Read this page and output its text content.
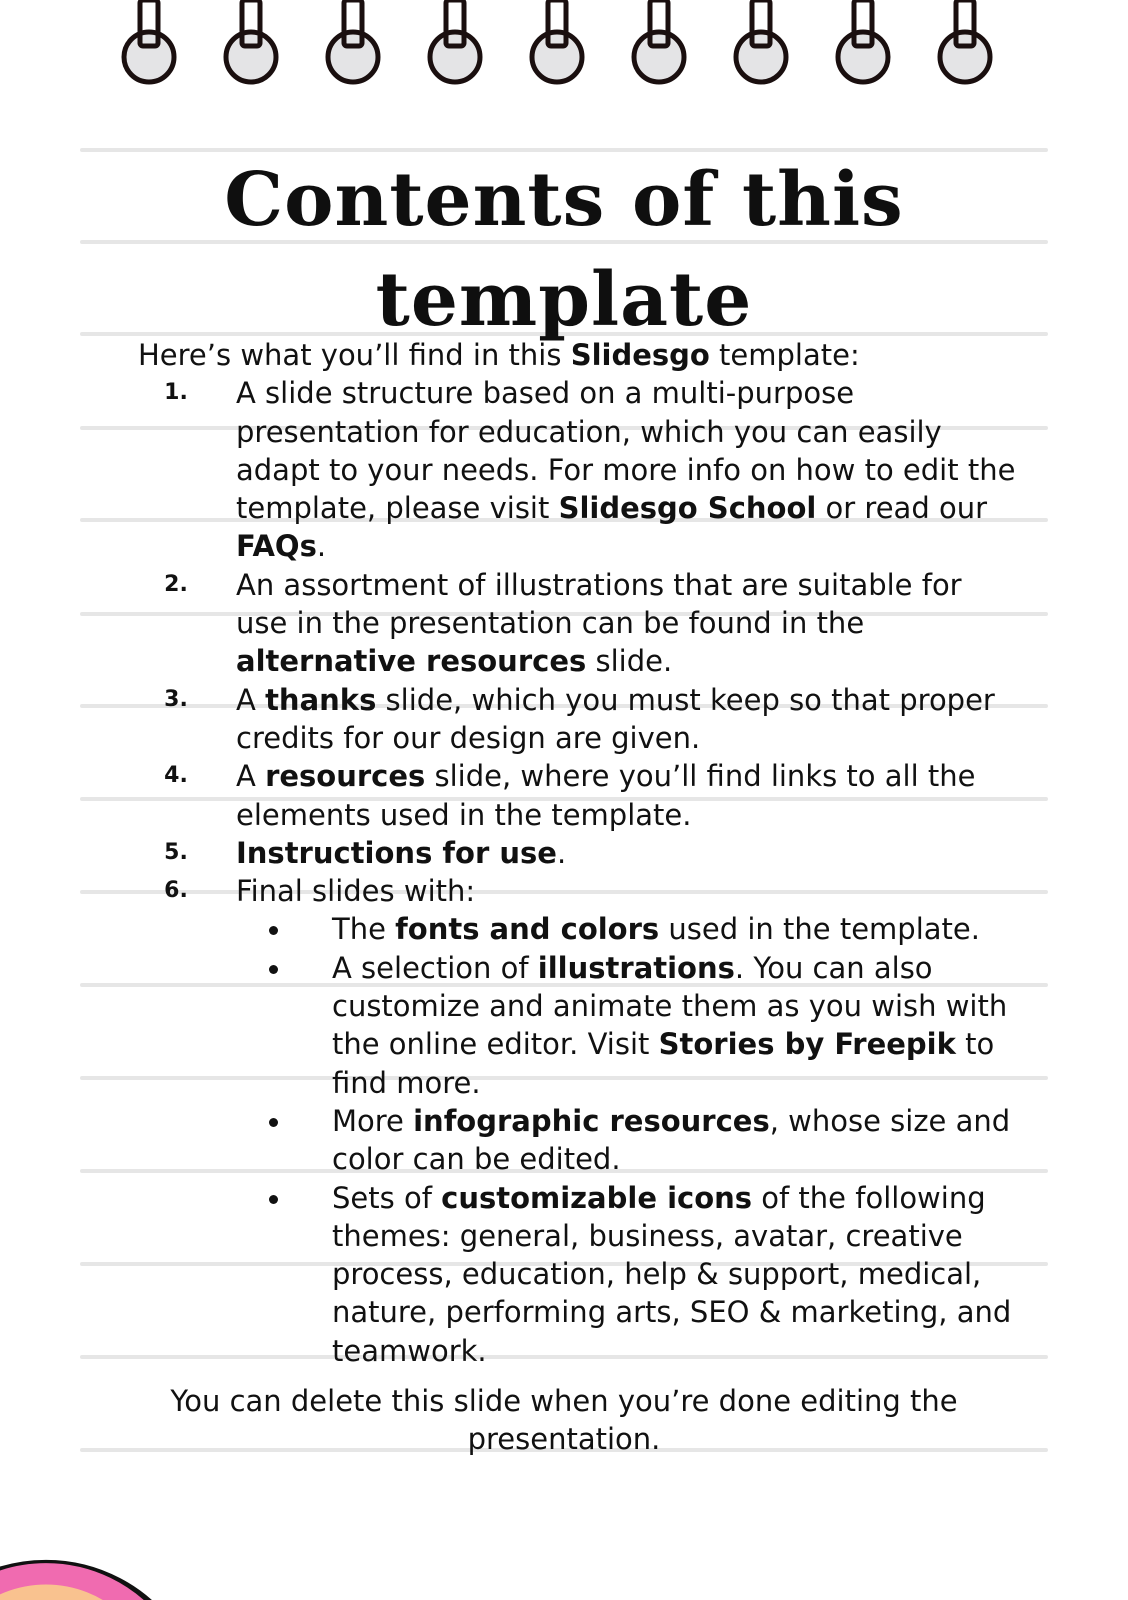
Contents of this template

Here’s what you’ll find in this Slidesgo template:

1. A slide structure based on a multi-purpose presentation for education, which you can easily adapt to your needs. For more info on how to edit the template, please visit Slidesgo School or read our FAQs.
2. An assortment of illustrations that are suitable for use in the presentation can be found in the alternative resources slide.
3. A thanks slide, which you must keep so that proper credits for our design are given.
4. A resources slide, where you’ll find links to all the elements used in the template.
5. Instructions for use.
6. Final slides with:
The fonts and colors used in the template.
A selection of illustrations. You can also customize and animate them as you wish with the online editor. Visit Stories by Freepik to find more.
More infographic resources, whose size and color can be edited.
Sets of customizable icons of the following themes: general, business, avatar, creative process, education, help & support, medical, nature, performing arts, SEO & marketing, and teamwork.

You can delete this slide when you’re done editing the presentation.
